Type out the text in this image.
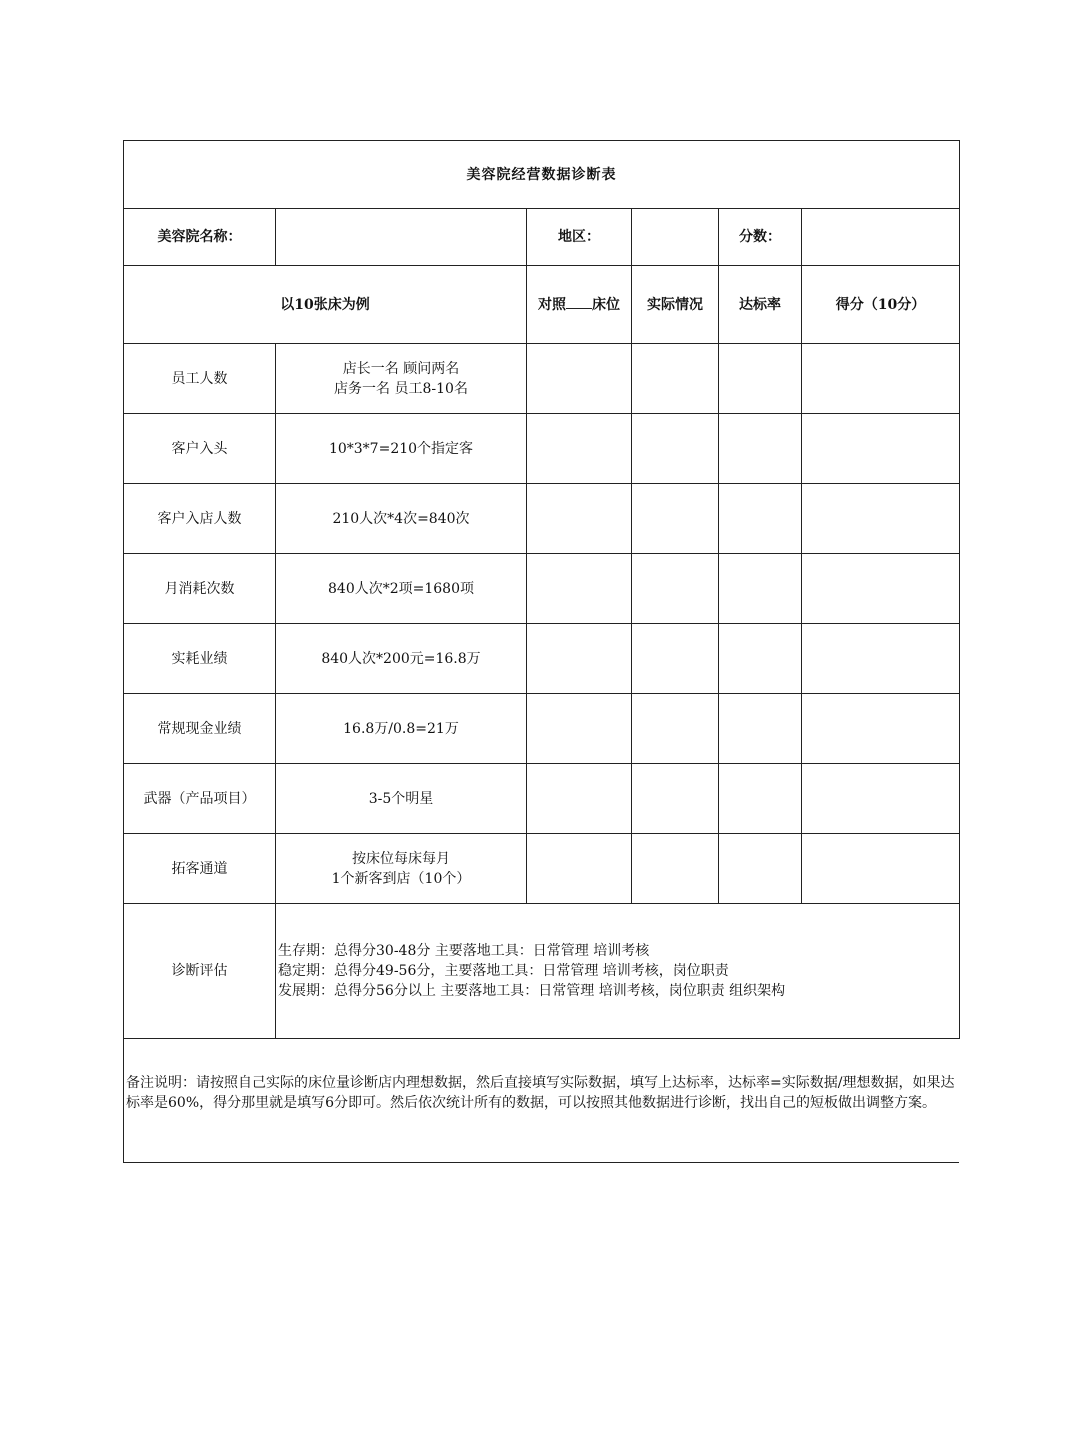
美容院经营数据诊断表					
美容院名称：		地区：		分数：	
以10张床为例		对照 床位	实际情况	达标率	得分（10分）
员工人数	店长一名 顾问两名
店务一名 员工8-10名				

客户入头	10*3*7=210个指定客				
客户入店人数	210人次*4次=840次				
月消耗次数	840人次*2项=1680项				
实耗业绩	840人次*200元=16.8万				
常规现金业绩	16.8万/0.8=21万				
武器（产品项目）	3-5个明星				
拓客通道	按床位每床每月
1个新客到店（10个）				

诊断评估	生存期：总得分30-48分 主要落地工具：日常管理 培训考核
稳定期：总得分49-56分，主要落地工具：日常管理 培训考核，岗位职责
发展期：总得分56分以上 主要落地工具：日常管理 培训考核，岗位职责 组织架构				
备注说明：请按照自己实际的床位量诊断店内理想数据，然后直接填写实际数据，填写上达标率，达标率=实际数据/理想数据，如果达标率是60%，得分那里就是填写6分即可。然后依次统计所有的数据，可以按照其他数据进行诊断，找出自己的短板做出调整方案。
